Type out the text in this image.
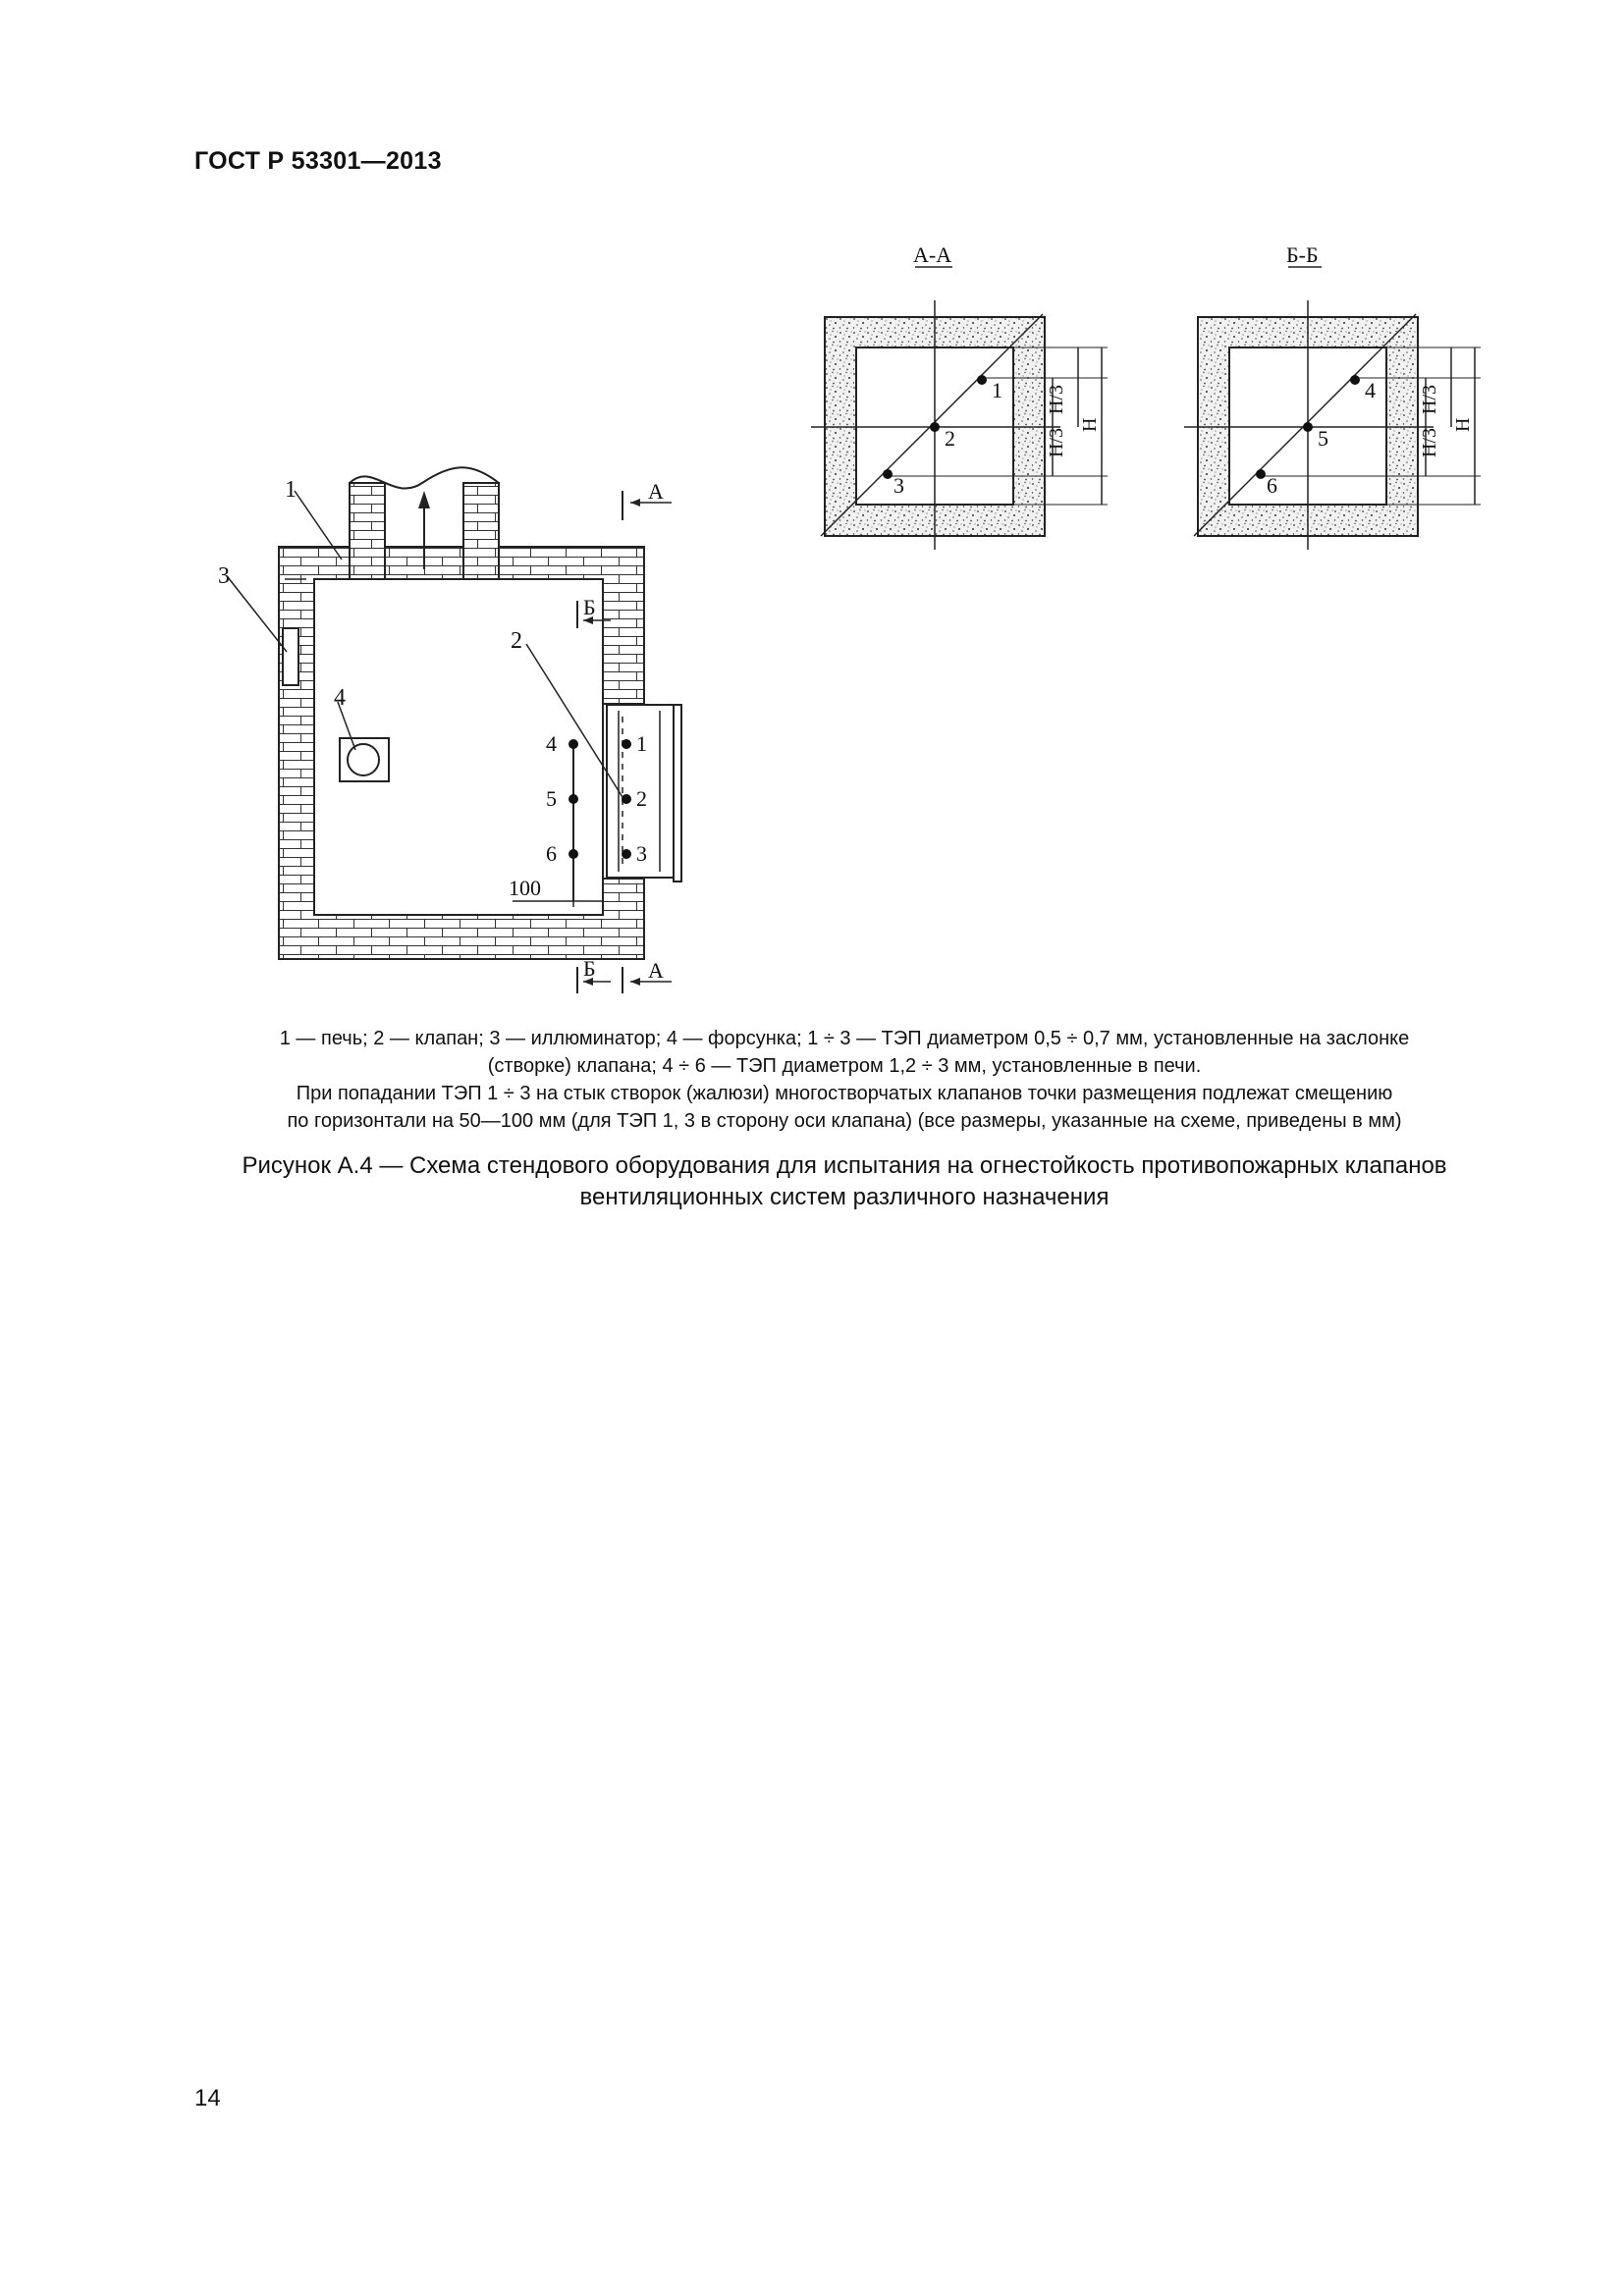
ГОСТ Р 53301—2013
1
3
4
2
4
5
6
1
2
3
100
А
Б
Б А
А-А
1
2
3
H/3
H/3
H
Б-Б
4
5
6
H/3
H/3
H
1 — печь; 2 — клапан; 3 — иллюминатор; 4 — форсунка; 1 ÷ 3 — ТЭП диаметром 0,5 ÷ 0,7 мм, установленные на заслонке
(створке) клапана; 4 ÷ 6 — ТЭП диаметром 1,2 ÷ 3 мм, установленные в печи.
При попадании ТЭП 1 ÷ 3 на стык створок (жалюзи) многостворчатых клапанов точки размещения подлежат смещению
по горизонтали на 50—100 мм (для ТЭП 1, 3 в сторону оси клапана) (все размеры, указанные на схеме, приведены в мм)
Рисунок А.4 — Схема стендового оборудования для испытания на огнестойкость противопожарных клапанов
вентиляционных систем различного назначения
14
